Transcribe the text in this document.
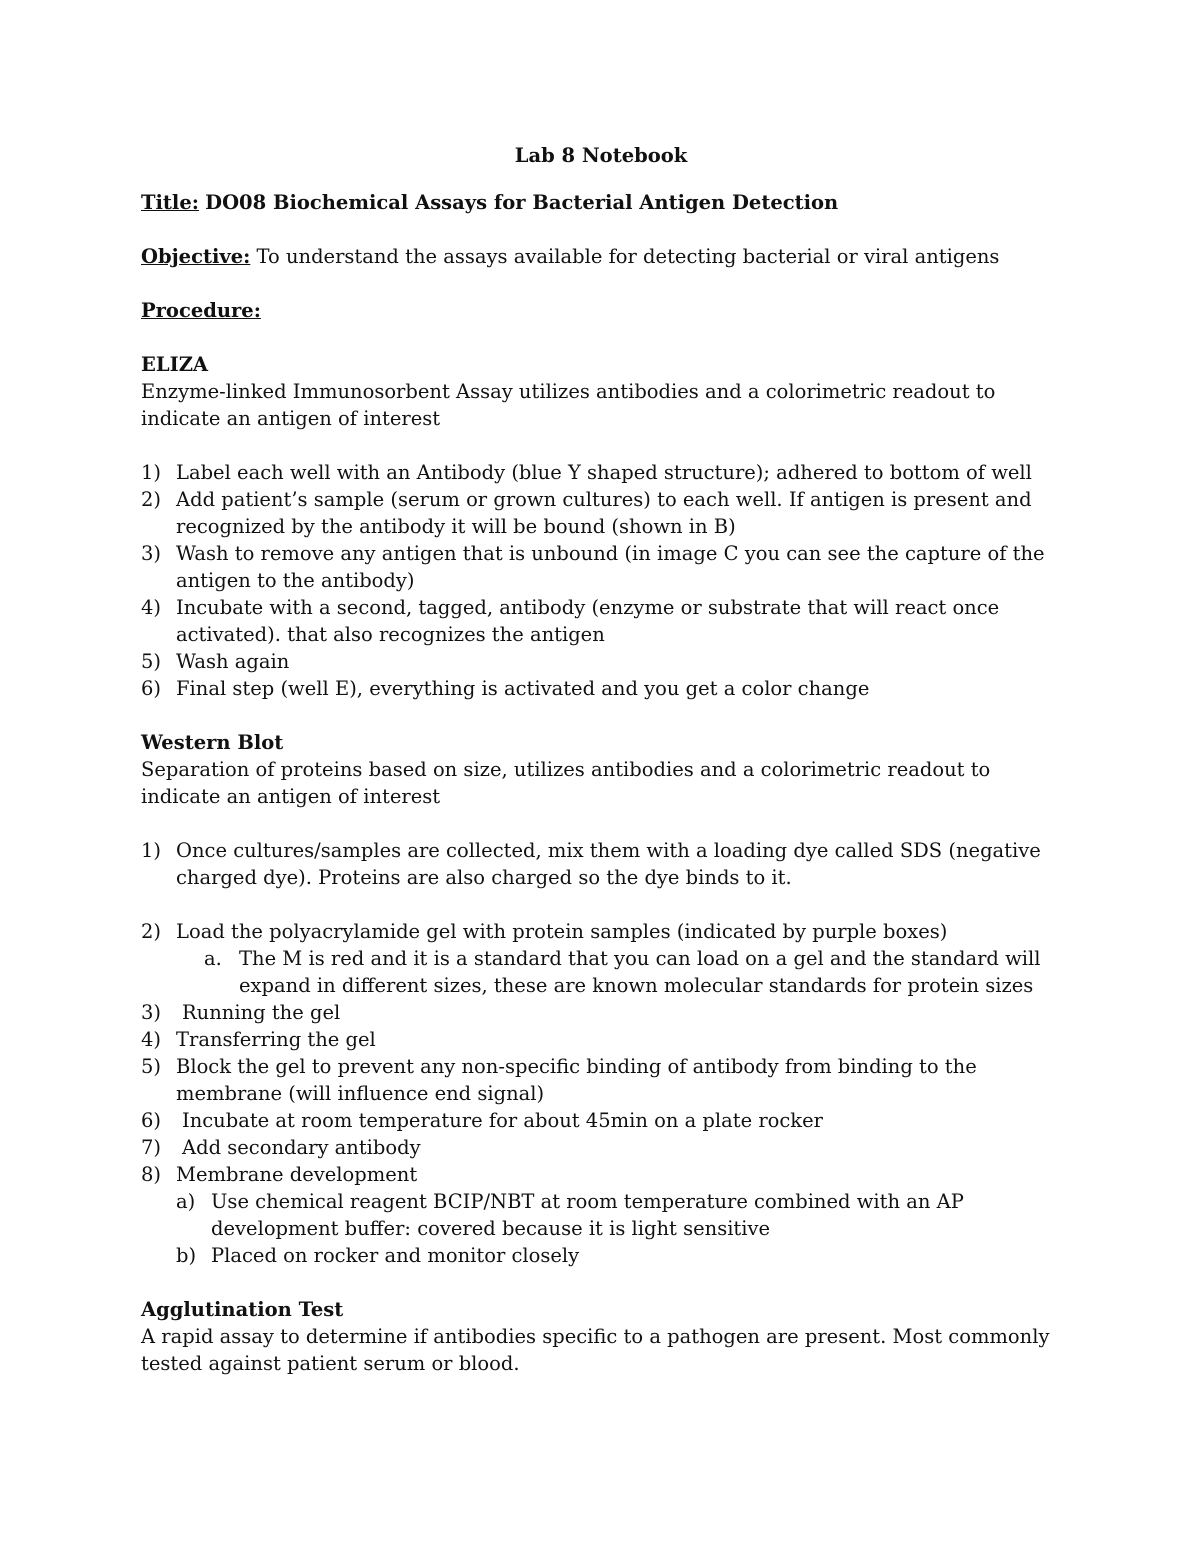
Lab 8 Notebook

Title: DO08 Biochemical Assays for Bacterial Antigen Detection

Objective: To understand the assays available for detecting bacterial or viral antigens

Procedure:

ELIZA

Enzyme-linked Immunosorbent Assay utilizes antibodies and a colorimetric readout to indicate an antigen of interest

1) Label each well with an Antibody (blue Y shaped structure); adhered to bottom of well
2) Add patient’s sample (serum or grown cultures) to each well. If antigen is present and recognized by the antibody it will be bound (shown in B)
3) Wash to remove any antigen that is unbound (in image C you can see the capture of the antigen to the antibody)
4) Incubate with a second, tagged, antibody (enzyme or substrate that will react once activated). that also recognizes the antigen
5) Wash again
6) Final step (well E), everything is activated and you get a color change

Western Blot

Separation of proteins based on size, utilizes antibodies and a colorimetric readout to indicate an antigen of interest

1) Once cultures/samples are collected, mix them with a loading dye called SDS (negative charged dye). Proteins are also charged so the dye binds to it.
2) Load the polyacrylamide gel with protein samples (indicated by purple boxes)
a. The M is red and it is a standard that you can load on a gel and the standard will expand in different sizes, these are known molecular standards for protein sizes
3)	Running the gel
4) Transferring the gel
5) Block the gel to prevent any non-specific binding of antibody from binding to the membrane (will influence end signal)
6)	Incubate at room temperature for about 45min on a plate rocker
7)	Add secondary antibody
8) Membrane development
a) Use chemical reagent BCIP/NBT at room temperature combined with an AP development buffer: covered because it is light sensitive
b) Placed on rocker and monitor closely

Agglutination Test

A rapid assay to determine if antibodies specific to a pathogen are present. Most commonly tested against patient serum or blood.
